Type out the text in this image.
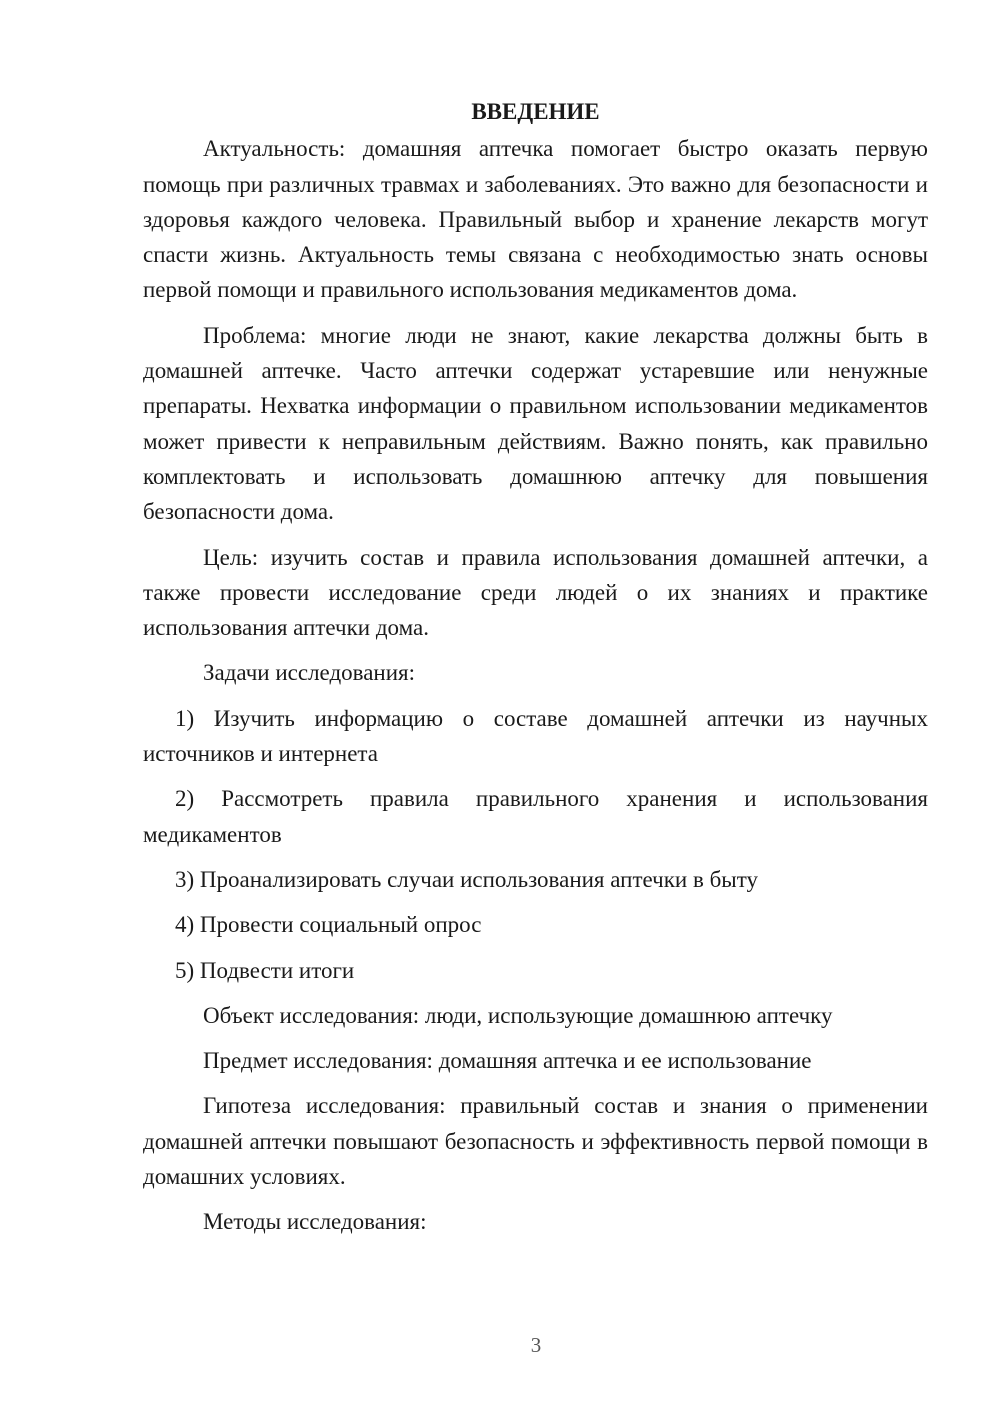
ВВЕДЕНИЕ

Актуальность: домашняя аптечка помогает быстро оказать первую помощь при различных травмах и заболеваниях. Это важно для безопасности и здоровья каждого человека. Правильный выбор и хранение лекарств могут спасти жизнь. Актуальность темы связана с необходимостью знать основы первой помощи и правильного использования медикаментов дома.

Проблема: многие люди не знают, какие лекарства должны быть в домашней аптечке. Часто аптечки содержат устаревшие или ненужные препараты. Нехватка информации о правильном использовании медикаментов может привести к неправильным действиям. Важно понять, как правильно комплектовать и использовать домашнюю аптечку для повышения безопасности дома.

Цель: изучить состав и правила использования домашней аптечки, а также провести исследование среди людей о их знаниях и практике использования аптечки дома.

Задачи исследования:

1) Изучить информацию о составе домашней аптечки из научных источников и интернета

2) Рассмотреть правила правильного хранения и использования медикаментов

3) Проанализировать случаи использования аптечки в быту

4) Провести социальный опрос

5) Подвести итоги

Объект исследования: люди, использующие домашнюю аптечку

Предмет исследования: домашняя аптечка и ее использование

Гипотеза исследования: правильный состав и знания о применении домашней аптечки повышают безопасность и эффективность первой помощи в домашних условиях.

Методы исследования:

3
